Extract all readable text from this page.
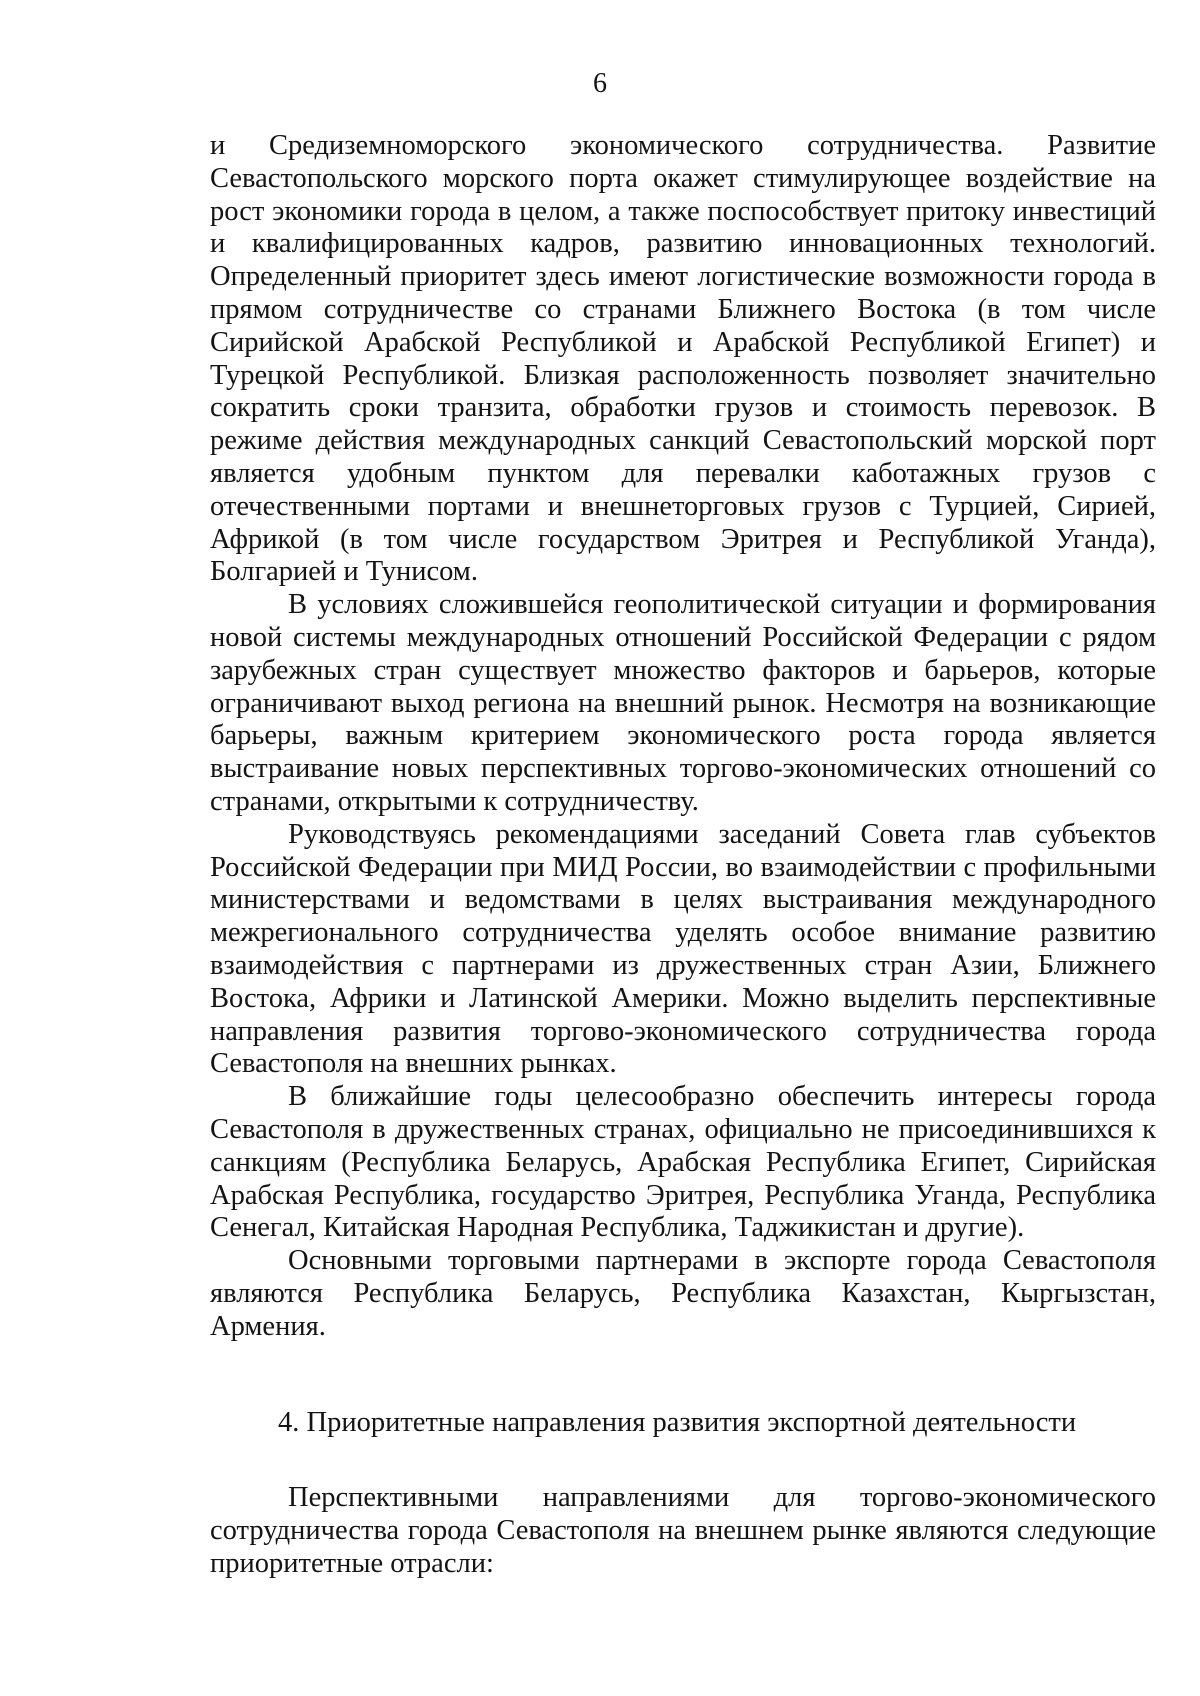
6

и Средиземноморского экономического сотрудничества. Развитие Севастопольского морского порта окажет стимулирующее воздействие на рост экономики города в целом, а также поспособствует притоку инвестиций и квалифицированных кадров, развитию инновационных технологий. Определенный приоритет здесь имеют логистические возможности города в прямом сотрудничестве со странами Ближнего Востока (в том числе Сирийской Арабской Республикой и Арабской Республикой Египет) и Турецкой Республикой. Близкая расположенность позволяет значительно сократить сроки транзита, обработки грузов и стоимость перевозок. В режиме действия международных санкций Севастопольский морской порт является удобным пунктом для перевалки каботажных грузов с отечественными портами и внешнеторговых грузов с Турцией, Сирией, Африкой (в том числе государством Эритрея и Республикой Уганда), Болгарией и Тунисом.

В условиях сложившейся геополитической ситуации и формирования новой системы международных отношений Российской Федерации с рядом зарубежных стран существует множество факторов и барьеров, которые ограничивают выход региона на внешний рынок. Несмотря на возникающие барьеры, важным критерием экономического роста города является выстраивание новых перспективных торгово-экономических отношений со странами, открытыми к сотрудничеству.

Руководствуясь рекомендациями заседаний Совета глав субъектов Российской Федерации при МИД России, во взаимодействии с профильными министерствами и ведомствами в целях выстраивания международного межрегионального сотрудничества уделять особое внимание развитию взаимодействия с партнерами из дружественных стран Азии, Ближнего Востока, Африки и Латинской Америки. Можно выделить перспективные направления развития торгово-экономического сотрудничества города Севастополя на внешних рынках.

В ближайшие годы целесообразно обеспечить интересы города Севастополя в дружественных странах, официально не присоединившихся к санкциям (Республика Беларусь, Арабская Республика Египет, Сирийская Арабская Республика, государство Эритрея, Республика Уганда, Республика Сенегал, Китайская Народная Республика, Таджикистан и другие).

Основными торговыми партнерами в экспорте города Севастополя являются Республика Беларусь, Республика Казахстан, Кыргызстан, Армения.

4. Приоритетные направления развития экспортной деятельности

Перспективными направлениями для торгово-экономического сотрудничества города Севастополя на внешнем рынке являются следующие приоритетные отрасли:
